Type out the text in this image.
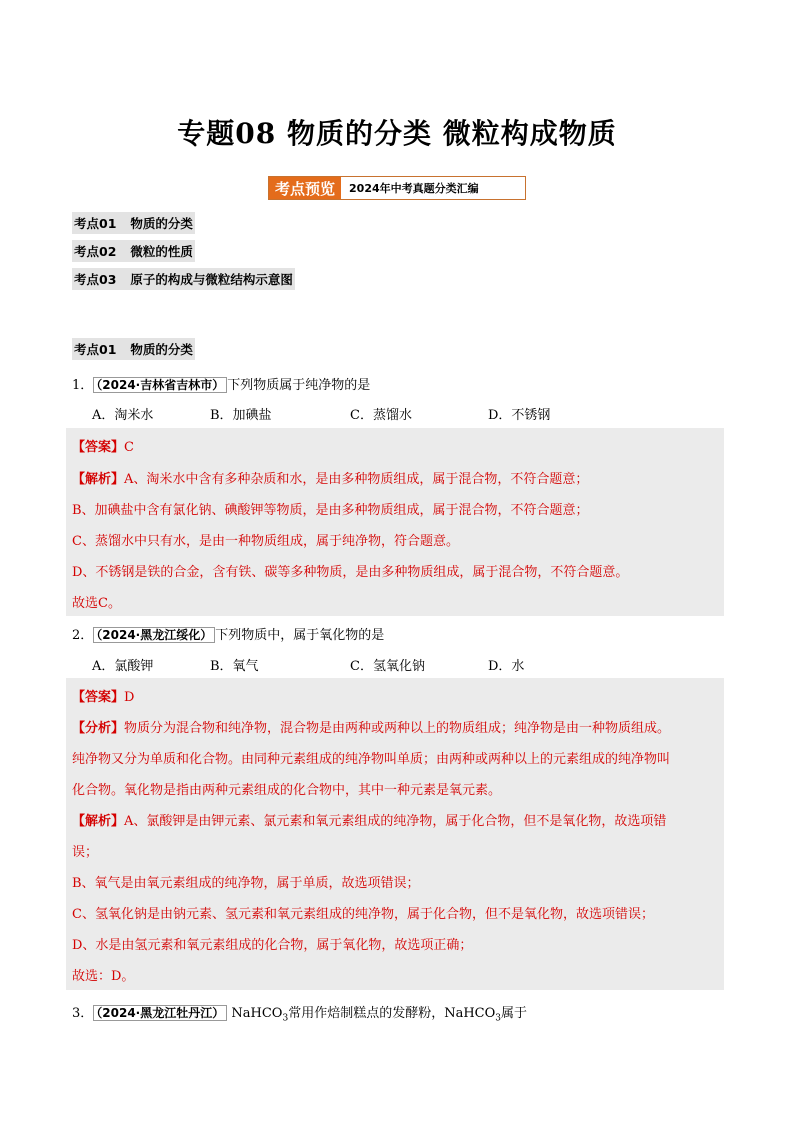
专题08 物质的分类 微粒构成物质
考点预览	2024年中考真题分类汇编
考点01 物质的分类
考点02 微粒的性质
考点03 原子的构成与微粒结构示意图
考点01 物质的分类
1． （2024·吉林省吉林市） 下列物质属于纯净物的是
A．淘米水	B．加碘盐	C．蒸馏水	D．不锈钢
【答案】C
【解析】A、淘米水中含有多种杂质和水，是由多种物质组成，属于混合物，不符合题意；
B、加碘盐中含有氯化钠、碘酸钾等物质，是由多种物质组成，属于混合物，不符合题意；
C、蒸馏水中只有水，是由一种物质组成，属于纯净物，符合题意。
D、不锈钢是铁的合金，含有铁、碳等多种物质，是由多种物质组成，属于混合物，不符合题意。
故选C。
2． （2024·黑龙江绥化） 下列物质中，属于氧化物的是
A．氯酸钾	B．氧气	C．氢氧化钠	D．水
【答案】D
【分析】物质分为混合物和纯净物，混合物是由两种或两种以上的物质组成；纯净物是由一种物质组成。
纯净物又分为单质和化合物。由同种元素组成的纯净物叫单质；由两种或两种以上的元素组成的纯净物叫
化合物。氧化物是指由两种元素组成的化合物中，其中一种元素是氧元素。
【解析】A、氯酸钾是由钾元素、氯元素和氧元素组成的纯净物，属于化合物，但不是氧化物，故选项错
误；
B、氧气是由氧元素组成的纯净物，属于单质，故选项错误；
C、氢氧化钠是由钠元素、氢元素和氧元素组成的纯净物，属于化合物，但不是氧化物，故选项错误；
D、水是由氢元素和氧元素组成的化合物，属于氧化物，故选项正确；
故选：D。
3． （2024·黑龙江牡丹江） NaHCO$_3$常用作焙制糕点的发酵粉，NaHCO$_3$属于
